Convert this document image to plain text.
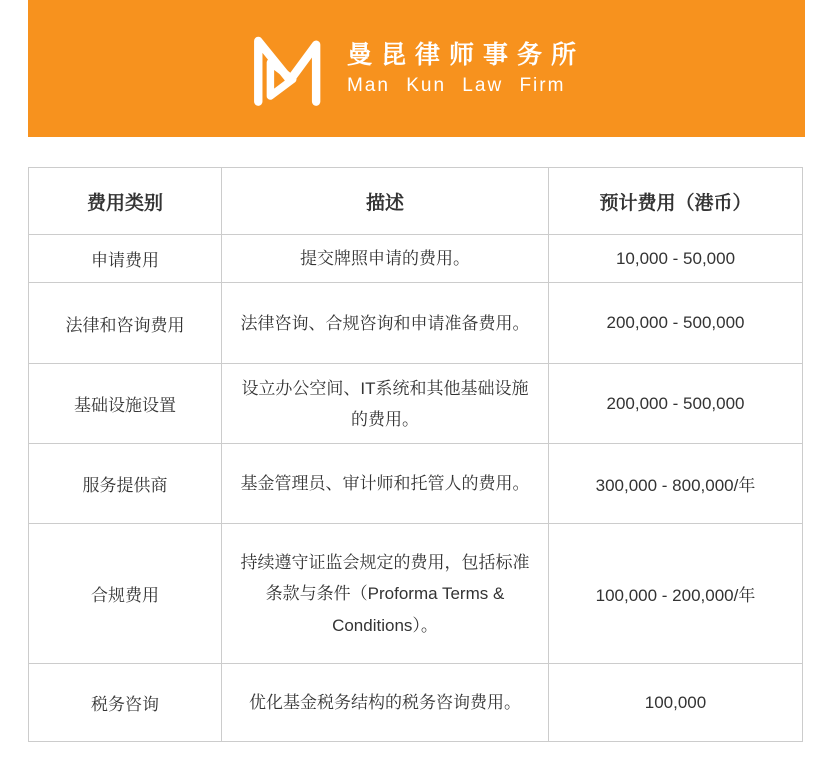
曼昆律师事务所
Man Kun Law Firm
费用类别	描述	预计费用（港币）
申请费用	提交牌照申请的费用。	10,000 - 50,000
法律和咨询费用	法律咨询、合规咨询和申请准备费用。	200,000 - 500,000
基础设施设置	设立办公空间、IT系统和其他基础设施的费用。	200,000 - 500,000
服务提供商	基金管理员、审计师和托管人的费用。	300,000 - 800,000/年
合规费用	持续遵守证监会规定的费用，包括标准条款与条件（Proforma Terms & Conditions）。	100,000 - 200,000/年
税务咨询	优化基金税务结构的税务咨询费用。	100,000
